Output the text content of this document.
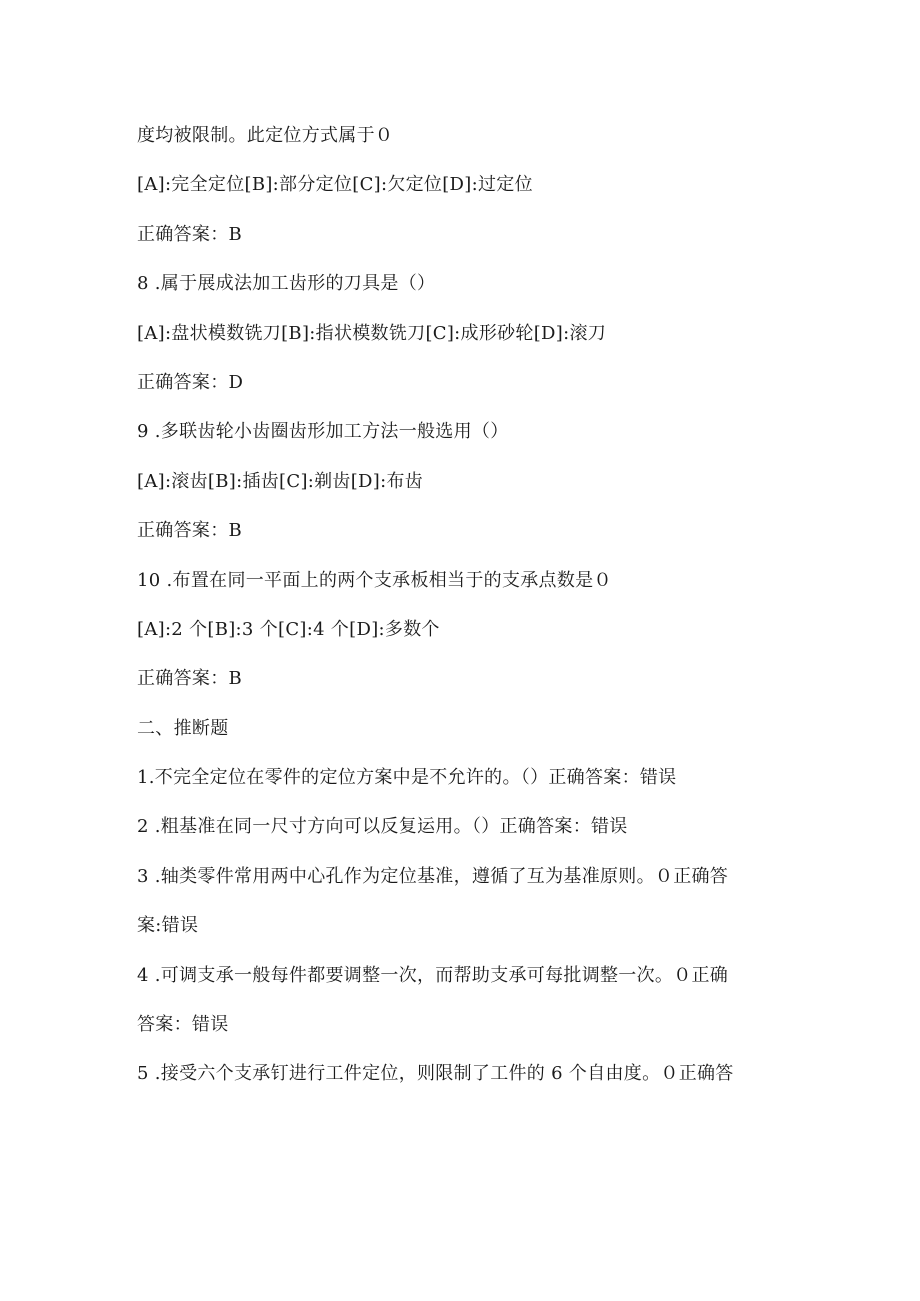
度均被限制。此定位方式属于０
[A]:完全定位[B]:部分定位[C]:欠定位[D]:过定位
正确答案：B
8 .属于展成法加工齿形的刀具是（）
[A]:盘状模数铣刀[B]:指状模数铣刀[C]:成形砂轮[D]:滚刀
正确答案：D
9 .多联齿轮小齿圈齿形加工方法一般选用（）
[A]:滚齿[B]:插齿[C]:剃齿[D]:布齿
正确答案：B
10 .布置在同一平面上的两个支承板相当于的支承点数是０
[A]:2 个[B]:3 个[C]:4 个[D]:多数个
正确答案：B
二、推断题
1.不完全定位在零件的定位方案中是不允许的。（）正确答案：错误
2 .粗基准在同一尺寸方向可以反复运用。（）正确答案：错误
3 .轴类零件常用两中心孔作为定位基准，遵循了互为基准原则。０正确答
案:错误
4 .可调支承一般每件都要调整一次，而帮助支承可每批调整一次。０正确
答案：错误
5 .接受六个支承钉进行工件定位，则限制了工件的 6 个自由度。０正确答
